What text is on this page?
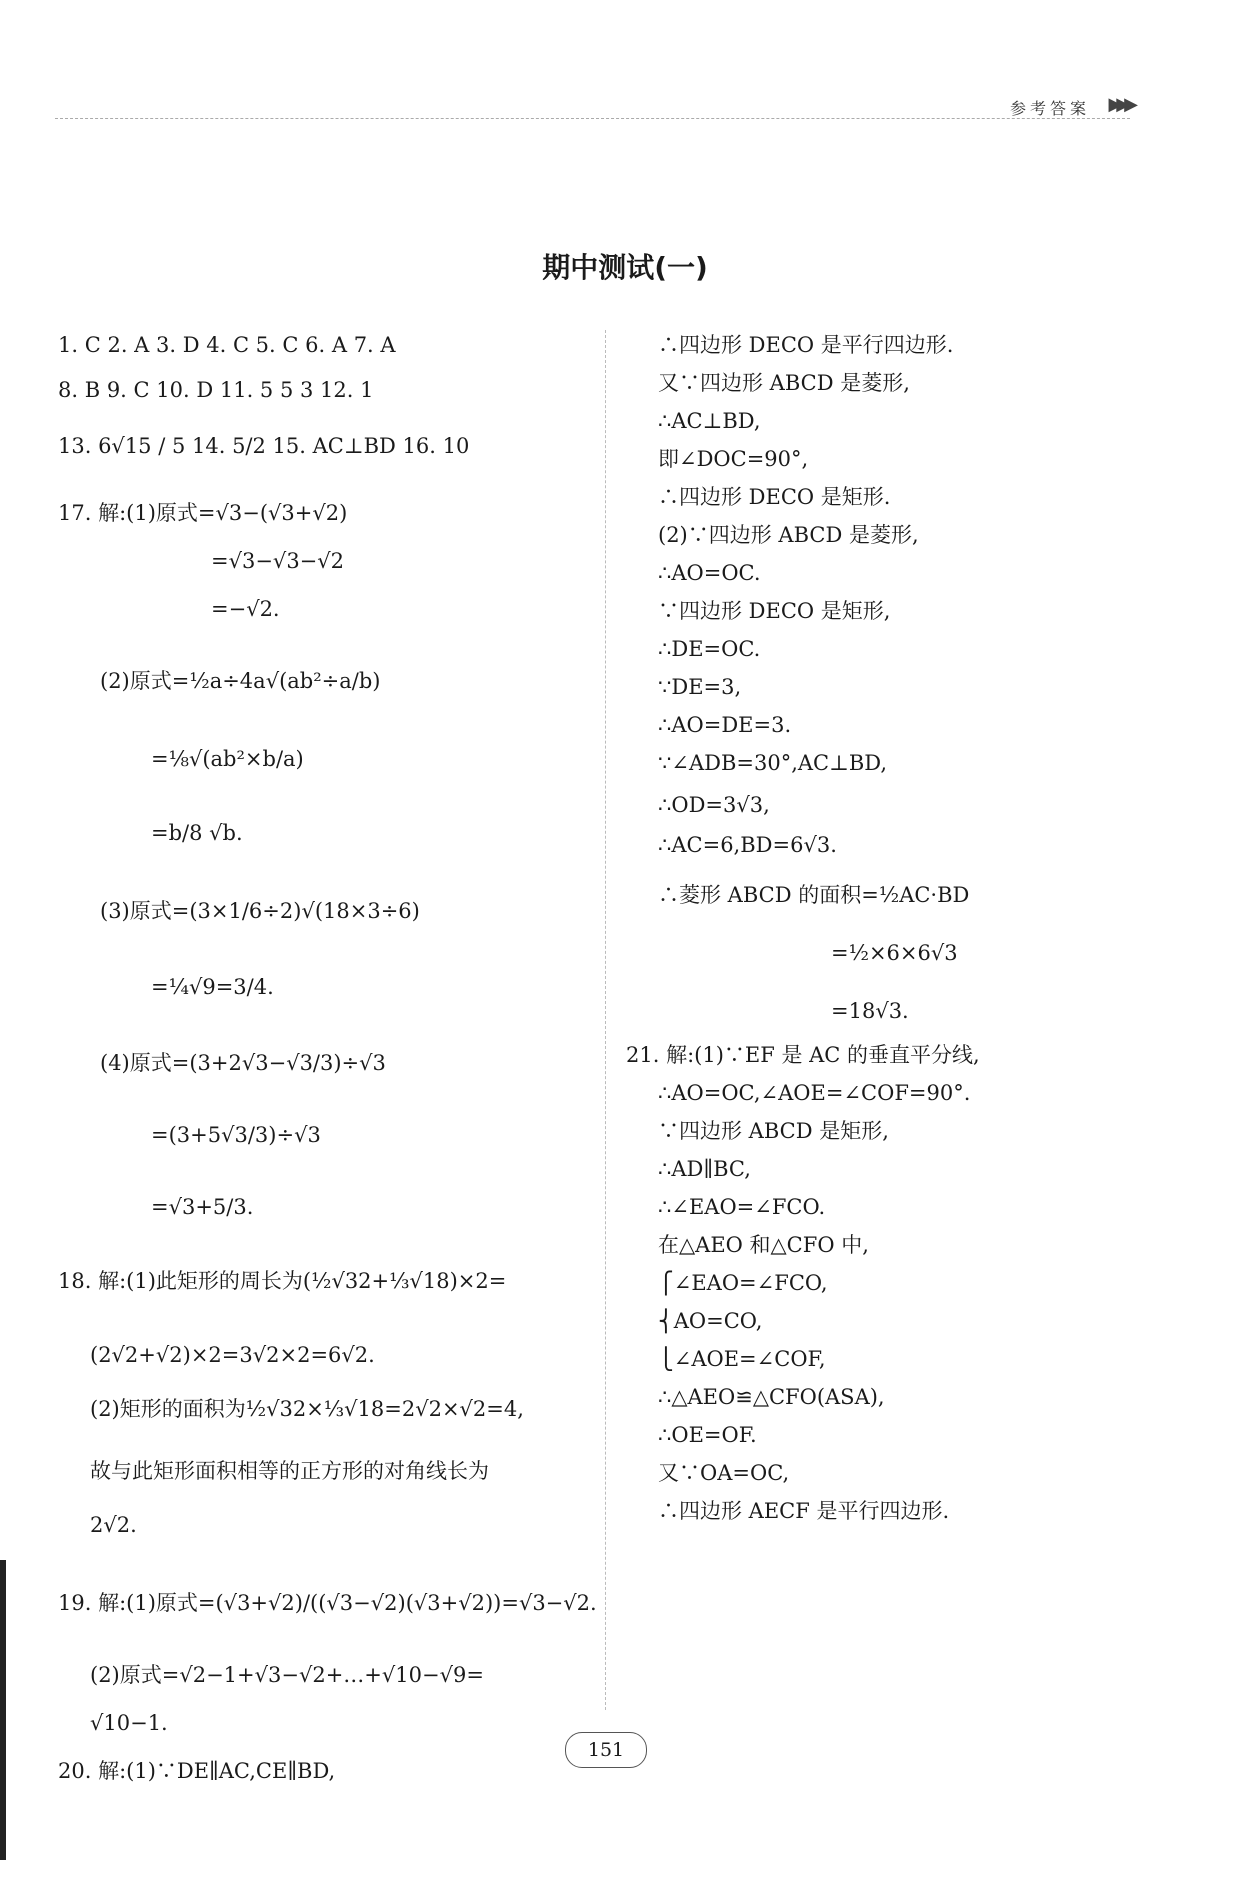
参考答案 ▶▶▶
期中测试(一)
1. C 2. A 3. D 4. C 5. C 6. A 7. A
8. B 9. C 10. D 11. 5 5 3 12. 1
13. 6√15 / 5 14. 5/2 15. AC⊥BD 16. 10
17. 解:(1)原式=√3−(√3+√2)
=√3−√3−√2
=−√2.
(2)原式=½a÷4a√(ab²÷a/b)
=⅛√(ab²×b/a)
=b/8 √b.
(3)原式=(3×1/6÷2)√(18×3÷6)
=¼√9=3/4.
(4)原式=(3+2√3−√3/3)÷√3
=(3+5√3/3)÷√3
=√3+5/3.
18. 解:(1)此矩形的周长为(½√32+⅓√18)×2=
(2√2+√2)×2=3√2×2=6√2.
(2)矩形的面积为½√32×⅓√18=2√2×√2=4,
故与此矩形面积相等的正方形的对角线长为
2√2.
19. 解:(1)原式=(√3+√2)/((√3−√2)(√3+√2))=√3−√2.
(2)原式=√2−1+√3−√2+…+√10−√9=
√10−1.
20. 解:(1)∵DE∥AC,CE∥BD,
∴四边形 DECO 是平行四边形.
又∵四边形 ABCD 是菱形,
∴AC⊥BD,
即∠DOC=90°,
∴四边形 DECO 是矩形.
(2)∵四边形 ABCD 是菱形,
∴AO=OC.
∵四边形 DECO 是矩形,
∴DE=OC.
∵DE=3,
∴AO=DE=3.
∵∠ADB=30°,AC⊥BD,
∴OD=3√3,
∴AC=6,BD=6√3.
∴菱形 ABCD 的面积=½AC·BD
=½×6×6√3
=18√3.
21. 解:(1)∵EF 是 AC 的垂直平分线,
∴AO=OC,∠AOE=∠COF=90°.
∵四边形 ABCD 是矩形,
∴AD∥BC,
∴∠EAO=∠FCO.
在△AEO 和△CFO 中,
⎧∠EAO=∠FCO,
⎨AO=CO,
⎩∠AOE=∠COF,
∴△AEO≌△CFO(ASA),
∴OE=OF.
又∵OA=OC,
∴四边形 AECF 是平行四边形.
151
